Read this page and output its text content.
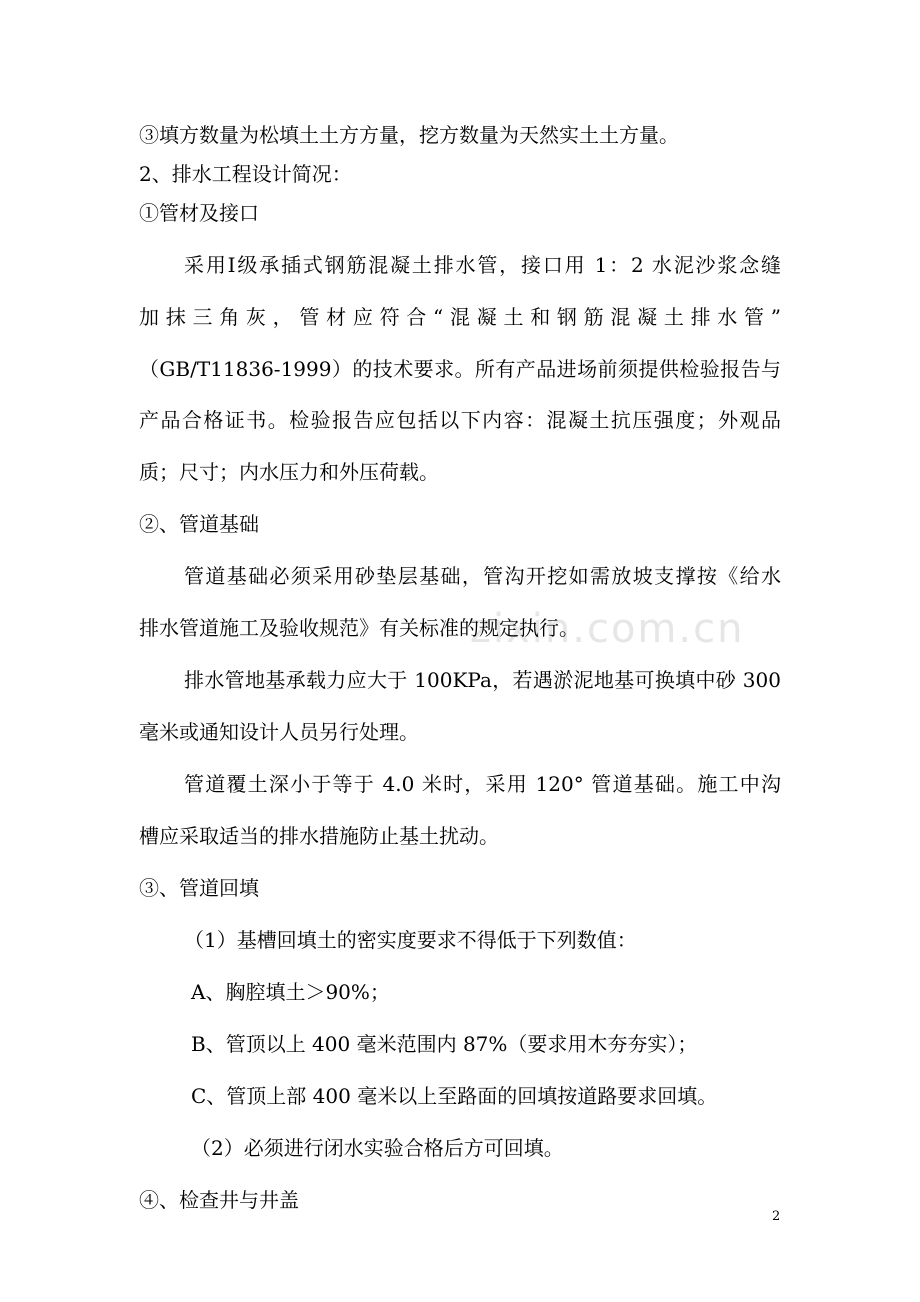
zixin.com.cn

③填方数量为松填土土方方量，挖方数量为天然实土土方量。

2、排水工程设计简况：

①管材及接口

采用Ⅰ级承插式钢筋混凝土排水管，接口用 1：2 水泥沙浆念缝

加抹三角灰，管材应符合“混凝土和钢筋混凝土排水管”

（GB/T11836-1999）的技术要求。所有产品进场前须提供检验报告与

产品合格证书。检验报告应包括以下内容：混凝土抗压强度；外观品

质；尺寸；内水压力和外压荷载。

②、管道基础

管道基础必须采用砂垫层基础，管沟开挖如需放坡支撑按《给水

排水管道施工及验收规范》有关标准的规定执行。

排水管地基承载力应大于 100KPa，若遇淤泥地基可换填中砂 300

毫米或通知设计人员另行处理。

管道覆土深小于等于 4.0 米时，采用 120° 管道基础。施工中沟

槽应采取适当的排水措施防止基土扰动。

③、管道回填

（1）基槽回填土的密实度要求不得低于下列数值：

A、胸腔填土＞90%；

B、管顶以上 400 毫米范围内 87%（要求用木夯夯实）；

C、管顶上部 400 毫米以上至路面的回填按道路要求回填。

（2）必须进行闭水实验合格后方可回填。

④、检查井与井盖

2
